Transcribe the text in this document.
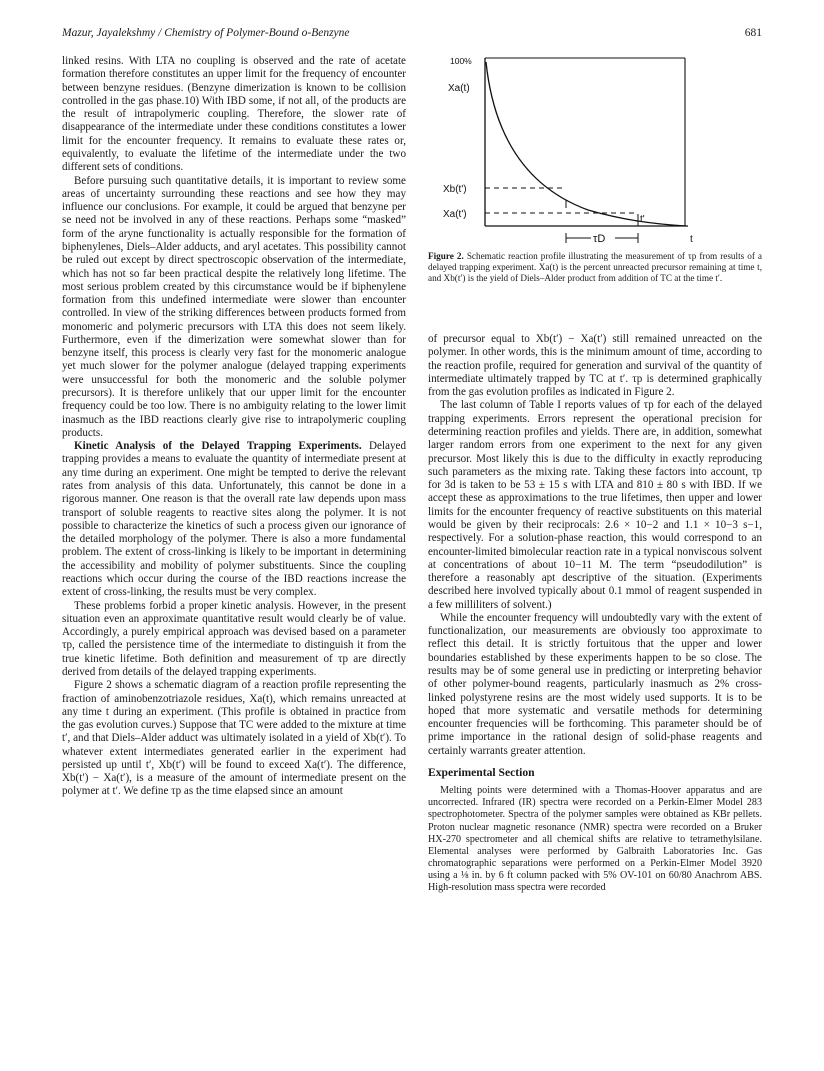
Mazur, Jayalekshmy / Chemistry of Polymer-Bound o-Benzyne	681

linked resins. With LTA no coupling is observed and the rate of acetate formation therefore constitutes an upper limit for the frequency of encounter between benzyne residues. (Benzyne dimerization is known to be collision controlled in the gas phase.10) With IBD some, if not all, of the products are the result of intrapolymeric coupling. Therefore, the slower rate of disappearance of the intermediate under these conditions constitutes a lower limit for the encounter frequency. It remains to evaluate these rates or, equivalently, to evaluate the lifetime of the intermediate under the two different sets of conditions.

Before pursuing such quantitative details, it is important to review some areas of uncertainty surrounding these reactions and see how they may influence our conclusions. For example, it could be argued that benzyne per se need not be involved in any of these reactions. Perhaps some “masked” form of the aryne functionality is actually responsible for the formation of biphenylenes, Diels–Alder adducts, and aryl acetates. This possibility cannot be ruled out except by direct spectroscopic observation of the intermediate, which has not so far been practical despite the relatively long lifetime. The most serious problem created by this circumstance would be if biphenylene formation from this undefined intermediate were slower than encounter controlled. In view of the striking differences between products formed from monomeric and polymeric precursors with LTA this does not seem likely. Furthermore, even if the dimerization were somewhat slower than for benzyne itself, this process is clearly very fast for the monomeric analogue yet much slower for the polymer analogue (delayed trapping experiments were unsuccessful for both the monomeric and the soluble polymer precursors). It is therefore unlikely that our upper limit for the encounter frequency could be too low. There is no ambiguity relating to the lower limit inasmuch as the IBD reactions clearly give rise to intrapolymeric coupling products.

Kinetic Analysis of the Delayed Trapping Experiments. Delayed trapping provides a means to evaluate the quantity of intermediate present at any time during an experiment. One might be tempted to derive the relevant rates from analysis of this data. Unfortunately, this cannot be done in a rigorous manner. One reason is that the overall rate law depends upon mass transport of soluble reagents to reactive sites along the polymer. It is not possible to characterize the kinetics of such a process given our ignorance of the detailed morphology of the polymer. There is also a more fundamental problem. The extent of cross-linking is likely to be important in determining the accessibility and mobility of polymer substituents. Since the coupling reactions which occur during the course of the IBD reactions increase the extent of cross-linking, the results must be very complex.

These problems forbid a proper kinetic analysis. However, in the present situation even an approximate quantitative result would clearly be of value. Accordingly, a purely empirical approach was devised based on a parameter τp, called the persistence time of the intermediate to distinguish it from the true kinetic lifetime. Both definition and measurement of τp are directly derived from details of the delayed trapping experiments.

Figure 2 shows a schematic diagram of a reaction profile representing the fraction of aminobenzotriazole residues, Xa(t), which remains unreacted at any time t during an experiment. (This profile is obtained in practice from the gas evolution curves.) Suppose that TC were added to the mixture at time t′, and that Diels–Alder adduct was ultimately isolated in a yield of Xb(t′). To whatever extent intermediates generated earlier in the experiment had persisted up until t′, Xb(t′) will be found to exceed Xa(t′). The difference, Xb(t′) − Xa(t′), is a measure of the amount of intermediate present on the polymer at t′. We define τp as the time elapsed since an amount

100%
Xa(t)
Xb(t')
Xa(t')
τD
t'
t
Figure 2. Schematic reaction profile illustrating the measurement of τp from results of a delayed trapping experiment. Xa(t) is the percent unreacted precursor remaining at time t, and Xb(t′) is the yield of Diels–Alder product from addition of TC at the time t′.

of precursor equal to Xb(t′) − Xa(t′) still remained unreacted on the polymer. In other words, this is the minimum amount of time, according to the reaction profile, required for generation and survival of the quantity of intermediate ultimately trapped by TC at t′. τp is determined graphically from the gas evolution profiles as indicated in Figure 2.

The last column of Table I reports values of τp for each of the delayed trapping experiments. Errors represent the operational precision for determining reaction profiles and yields. There are, in addition, somewhat larger random errors from one experiment to the next for any given precursor. Most likely this is due to the difficulty in exactly reproducing such parameters as the mixing rate. Taking these factors into account, τp for 3d is taken to be 53 ± 15 s with LTA and 810 ± 80 s with IBD. If we accept these as approximations to the true lifetimes, then upper and lower limits for the encounter frequency of reactive substituents on this material would be given by their reciprocals: 2.6 × 10−2 and 1.1 × 10−3 s−1, respectively. For a solution-phase reaction, this would correspond to an encounter-limited bimolecular reaction rate in a typical nonviscous solvent at concentrations of about 10−11 M. The term “pseudodilution” is therefore a reasonably apt descriptive of the situation. (Experiments described here involved typically about 0.1 mmol of reagent suspended in a few milliliters of solvent.)

While the encounter frequency will undoubtedly vary with the extent of functionalization, our measurements are obviously too approximate to reflect this detail. It is strictly fortuitous that the upper and lower boundaries established by these experiments happen to be so close. The results may be of some general use in predicting or interpreting behavior of other polymer-bound reagents, particularly inasmuch as 2% cross-linked polystyrene resins are the most widely used supports. It is to be hoped that more systematic and versatile methods for determining encounter frequencies will be forthcoming. This parameter should be of prime importance in the rational design of solid-phase reagents and certainly warrants greater attention.

Experimental Section

Melting points were determined with a Thomas-Hoover apparatus and are uncorrected. Infrared (IR) spectra were recorded on a Perkin-Elmer Model 283 spectrophotometer. Spectra of the polymer samples were obtained as KBr pellets. Proton nuclear magnetic resonance (NMR) spectra were recorded on a Bruker HX-270 spectrometer and all chemical shifts are relative to tetramethylsilane. Elemental analyses were performed by Galbraith Laboratories Inc. Gas chromatographic separations were performed on a Perkin-Elmer Model 3920 using a ⅛ in. by 6 ft column packed with 5% OV-101 on 60/80 Anachrom ABS. High-resolution mass spectra were recorded
